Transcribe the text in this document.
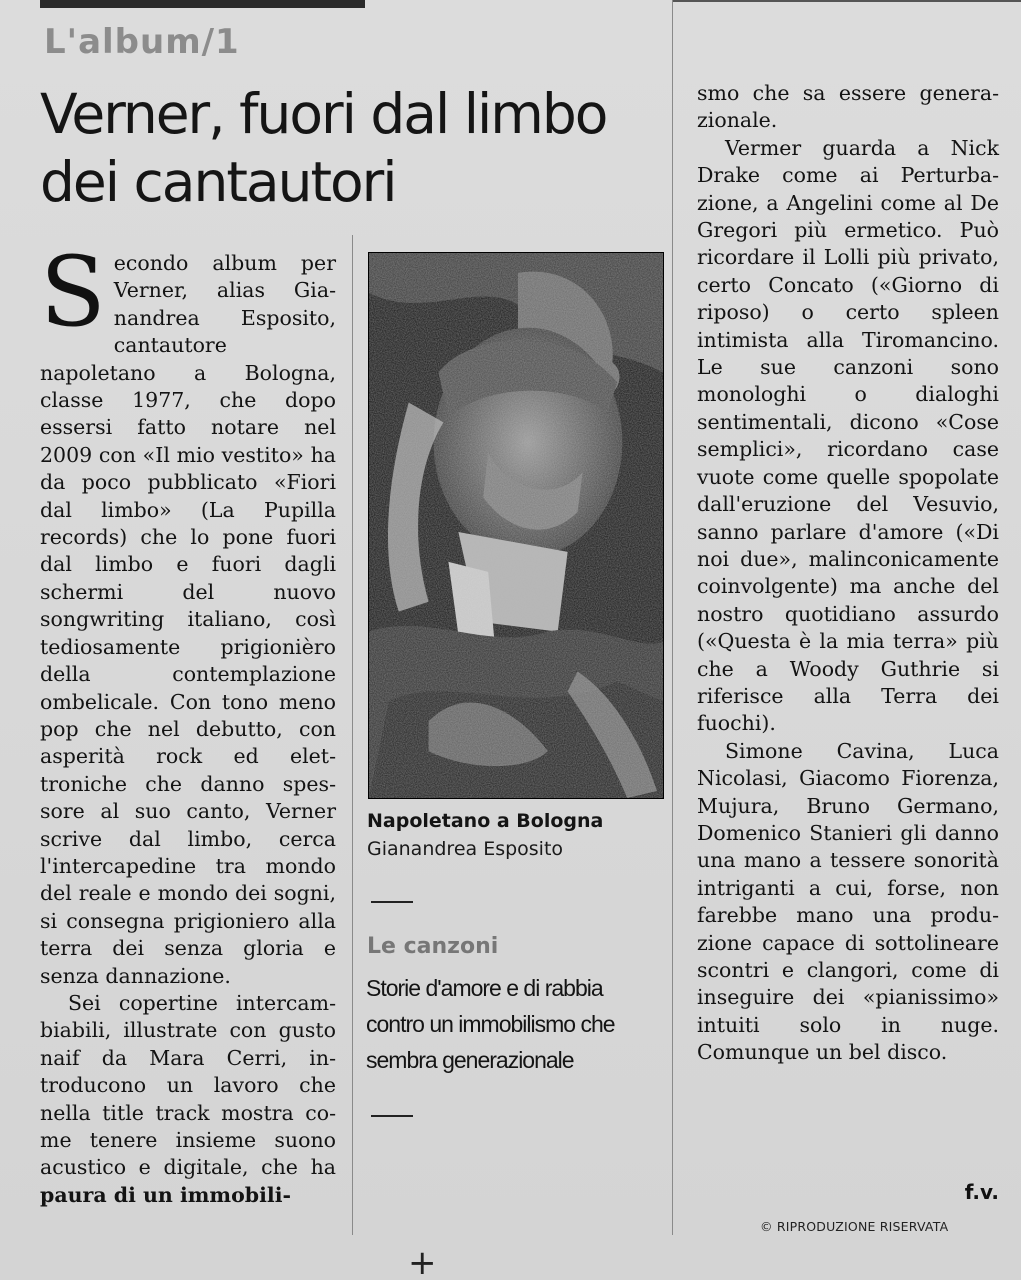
L'album/1
Verner, fuori dal limbo dei cantautori

Secondo album per Verner, alias Gianandrea Esposito, cantautore napoletano a Bologna, classe 1977, che dopo essersi fatto notare nel 2009 con «Il mio vestito» ha da poco pubblicato «Fiori dal limbo» (La Pupilla records) che lo pone fuori dal limbo e fuori dagli schermi del nuovo songwriting italiano, così tediosamente prigionièro della contemplazione ombelicale. Con tono meno pop che nel debutto, con asperità rock ed elettroniche che danno spessore al suo canto, Verner scrive dal limbo, cerca l'intercapedine tra mondo del reale e mondo dei sogni, si consegna prigioniero alla terra dei senza gloria e senza dannazione.

Sei copertine intercambiabili, illustrate con gusto naif da Mara Cerri, introducono un lavoro che nella title track mostra come tenere insieme suono acustico e digitale, che ha paura di un immobili-

Napoletano a Bologna
Gianandrea Esposito
Le canzoni
Storie d'amore e di rabbia contro un immobilismo che sembra generazionale

smo che sa essere generazionale.

Vermer guarda a Nick Drake come ai Perturbazione, a Angelini come al De Gregori più ermetico. Può ricordare il Lolli più privato, certo Concato («Giorno di riposo) o certo spleen intimista alla Tiromancino. Le sue canzoni sono monologhi o dialoghi sentimentali, dicono «Cose semplici», ricordano case vuote come quelle spopolate dall'eruzione del Vesuvio, sanno parlare d'amore («Di noi due», malinconicamente coinvolgente) ma anche del nostro quotidiano assurdo («Questa è la mia terra» più che a Woody Guthrie si riferisce alla Terra dei fuochi).

Simone Cavina, Luca Nicolasi, Giacomo Fiorenza, Mujura, Bruno Germano, Domenico Stanieri gli danno una mano a tessere sonorità intriganti a cui, forse, non farebbe mano una produzione capace di sottolineare scontri e clangori, come di inseguire dei «pianissimo» intuiti solo in nuge. Comunque un bel disco.

f.v.
© RIPRODUZIONE RISERVATA
+
